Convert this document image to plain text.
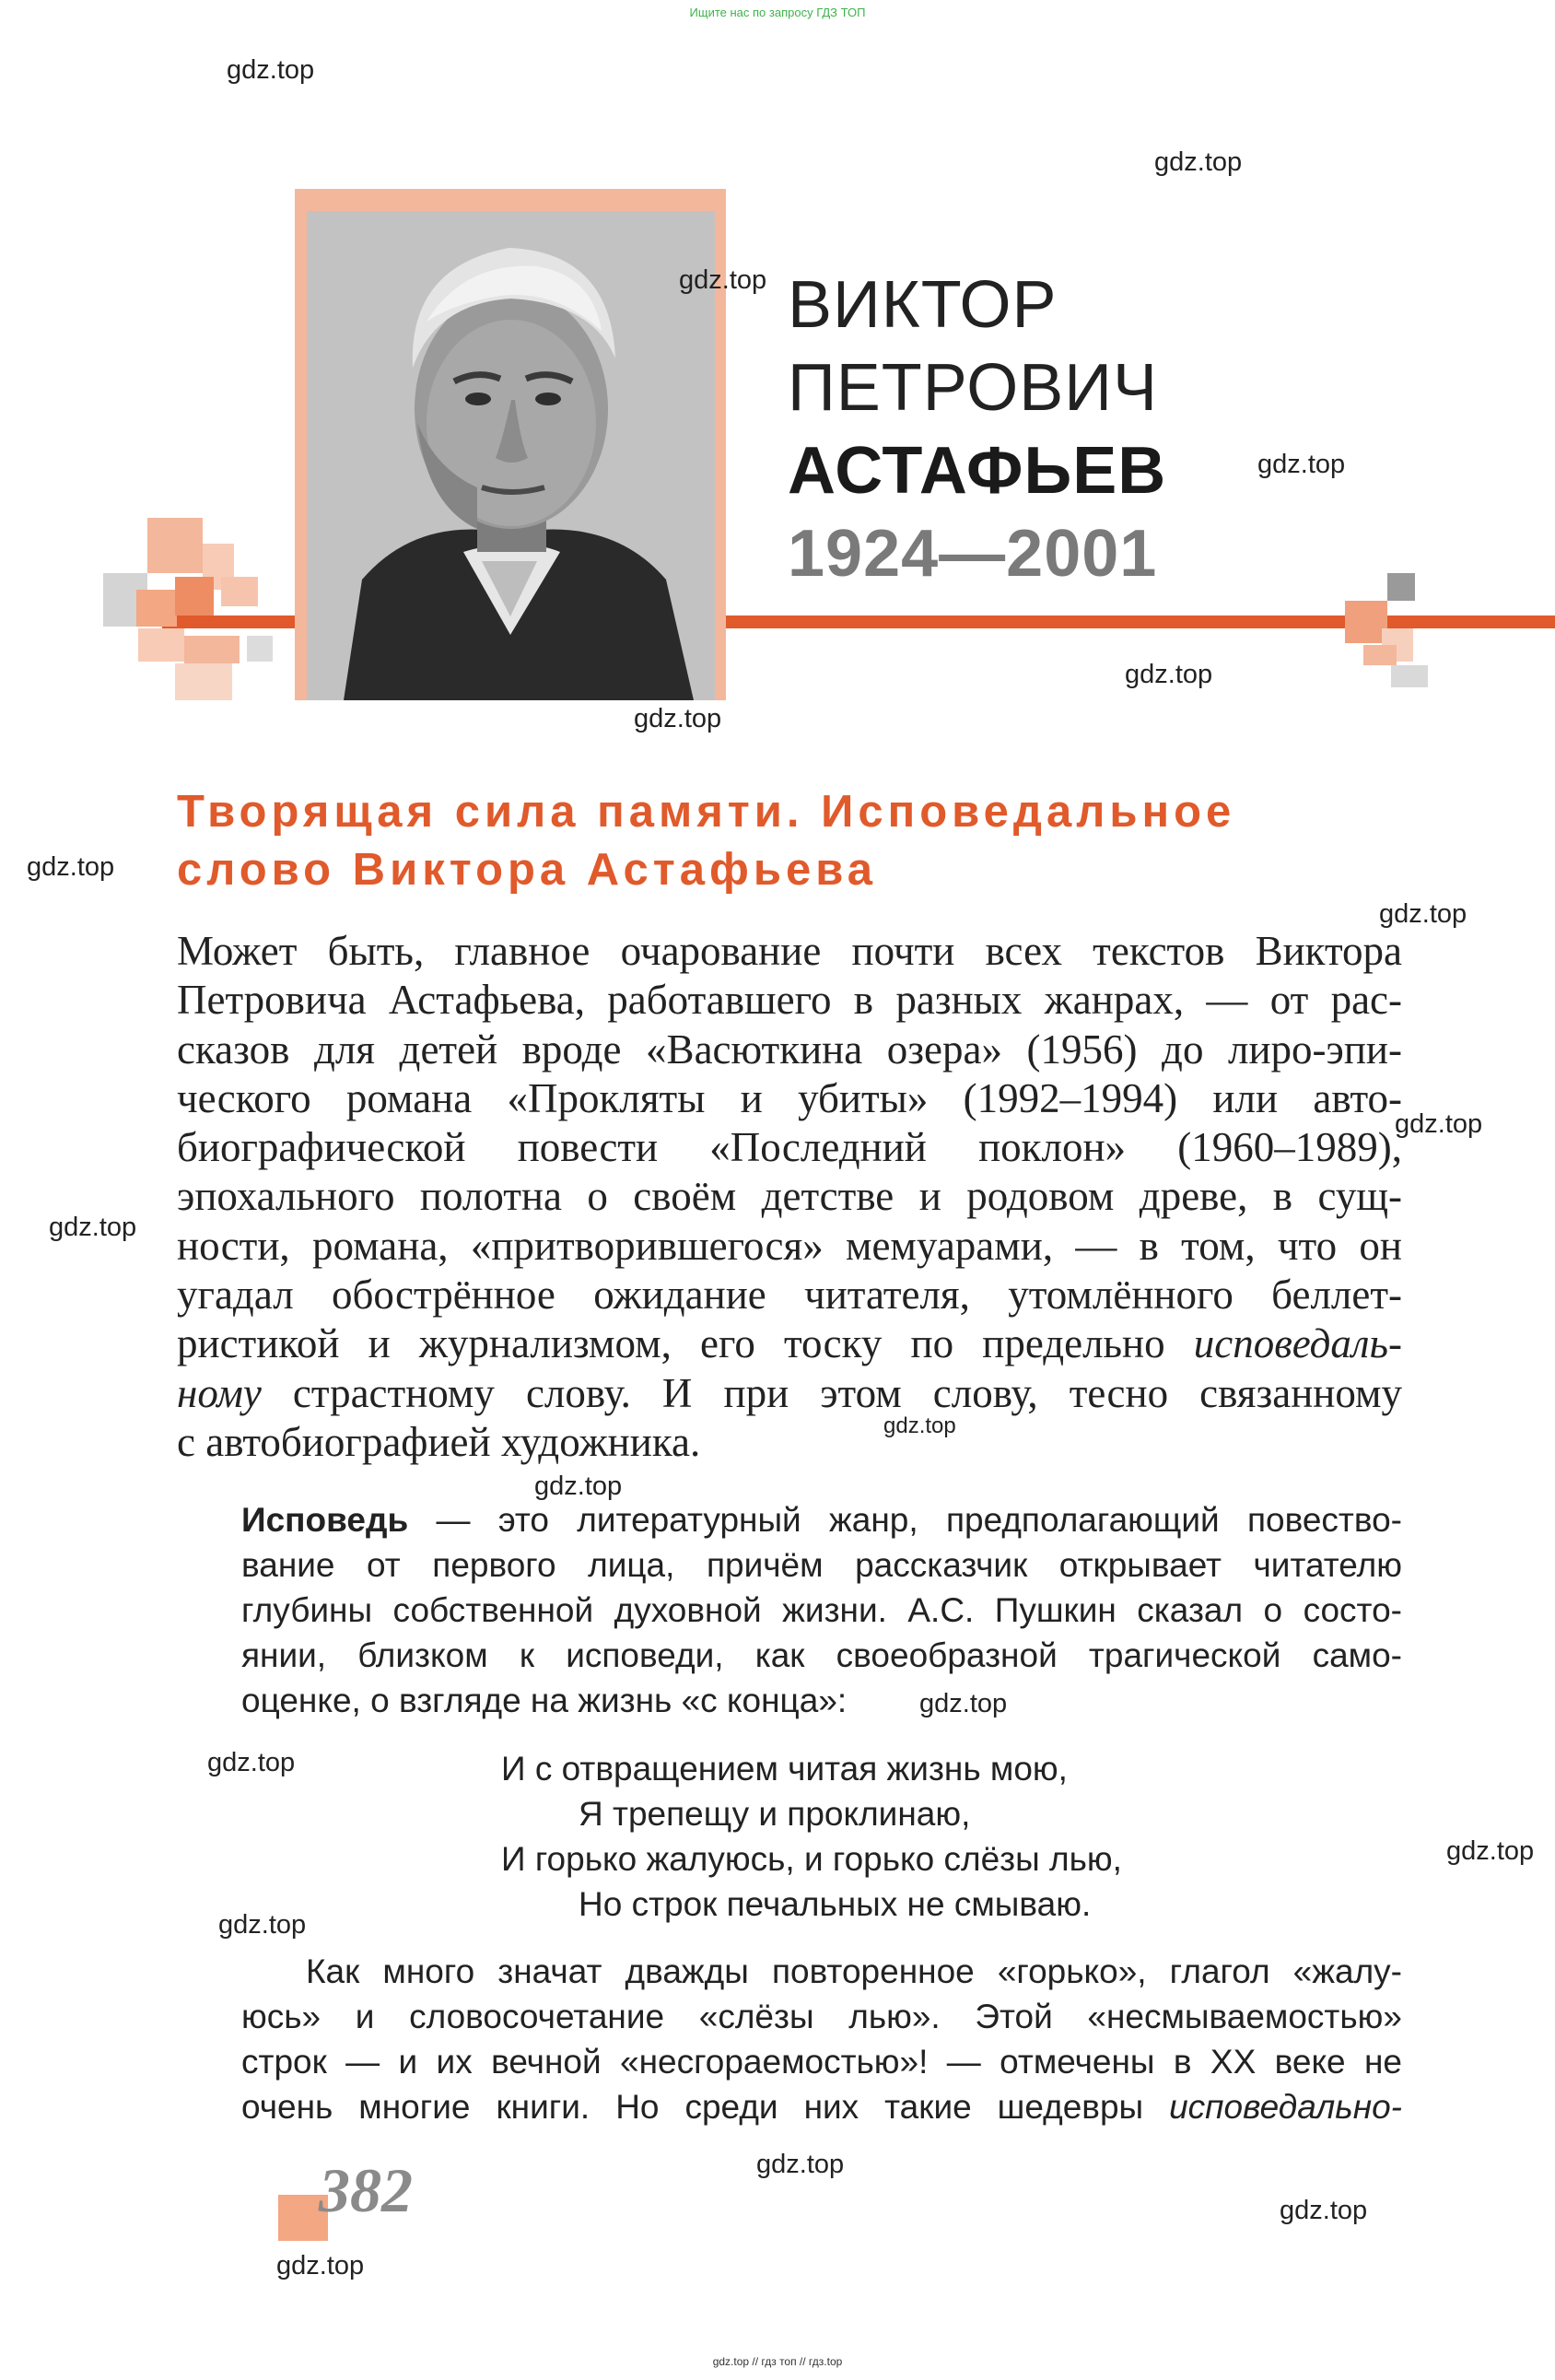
Ищите нас по запросу ГДЗ ТОП
ВИКТОР
ПЕТРОВИЧ
АСТАФЬЕВ
1924—2001
Творящая сила памяти. Исповедальное
слово Виктора Астафьева
Может быть, главное очарование почти всех текстов Виктора
Петровича Астафьева, работавшего в разных жанрах, — от рас-
сказов для детей вроде «Васюткина озера» (1956) до лиро-эпи-
ческого романа «Прокляты и убиты» (1992–1994) или авто-
биографической повести «Последний поклон» (1960–1989),
эпохального полотна о своём детстве и родовом древе, в сущ-
ности, романа, «притворившегося» мемуарами, — в том, что он
угадал обострённое ожидание читателя, утомлённого беллет-
ристикой и журнализмом, его тоску по предельно исповедаль-
ному страстному слову. И при этом слову, тесно связанному
с автобиографией художника.
Исповедь — это литературный жанр, предполагающий повество-
вание от первого лица, причём рассказчик открывает читателю
глубины собственной духовной жизни. А.С. Пушкин сказал о состо-
янии, близком к исповеди, как своеобразной трагической само-
оценке, о взгляде на жизнь «с конца»:
И с отвращением читая жизнь мою,
Я трепещу и проклинаю,
И горько жалуюсь, и горько слёзы лью,
Но строк печальных не смываю.
Как много значат дважды повторенное «горько», глагол «жалу-
юсь» и словосочетание «слёзы лью». Этой «несмываемостью»
строк — и их вечной «несгораемостью»! — отмечены в XX веке не
очень многие книги. Но среди них такие шедевры исповедально-
382
gdz.top
gdz.top
gdz.top
gdz.top
gdz.top
gdz.top
gdz.top
gdz.top
gdz.top
gdz.top
gdz.top
gdz.top
gdz.top
gdz.top
gdz.top
gdz.top
gdz.top
gdz.top
gdz.top
gdz.top // гдз топ // гдз.top
